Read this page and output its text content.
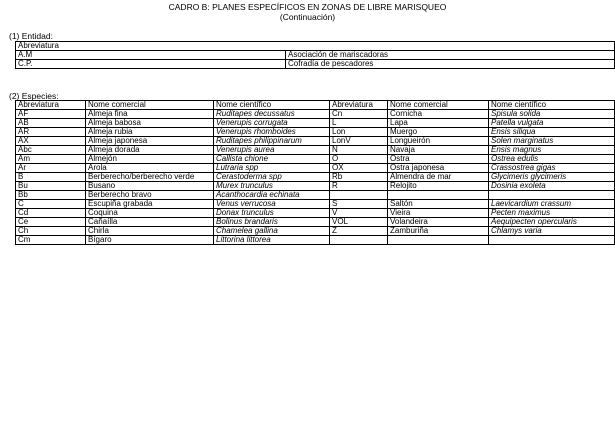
CADRO B: PLANES ESPECÍFICOS EN ZONAS DE LIBRE MARISQUEO
(Continuación)
(1) Entidad:
Abreviatura	
A.M	Asociación de mariscadoras
C.P.	Cofradía de pescadores
(2) Especies:
Abreviatura	Nome comercial	Nome científico	Abreviatura	Nome comercial	Nome científico
AF	Almeja fina	Ruditapes decussatus	Cn	Cornicha	Spisula solida
AB	Almeja babosa	Venerupis corrugata	L	Lapa	Patella vulgata
AR	Almeja rubia	Venerupis rhomboides	Lon	Muergo	Ensis siliqua
AX	Almeja japonesa	Ruditapes philippinarum	LonV	Longueirón	Solen marginatus
Abc	Almeja dorada	Venerupis aurea	N	Navaja	Ensis magnus
Am	Almejón	Callista chione	O	Ostra	Ostrea edulis
Ar	Arola	Lutraria spp	OX	Ostra japonesa	Crassostrea gigas
B	Berberecho/berberecho verde	Cerastoderma spp	Rb	Almendra de mar	Glycimeris glycimeris
Bu	Busano	Murex trunculus	R	Relojito	Dosinia exoleta
Bb	Berberecho bravo	Acanthocardia echinata			
C	Escupiña grabada	Venus verrucosa	S	Saltón	Laevicardium crassum
Cd	Coquina	Donax trunculus	V	Vieira	Pecten maximus
Ce	Cañaílla	Bolinus brandaris	VOL	Volandeira	Aequipecten opercularis
Ch	Chirla	Chamelea gallina	Z	Zamburiña	Chlamys varia
Cm	Bígaro	Littorina littorea			
